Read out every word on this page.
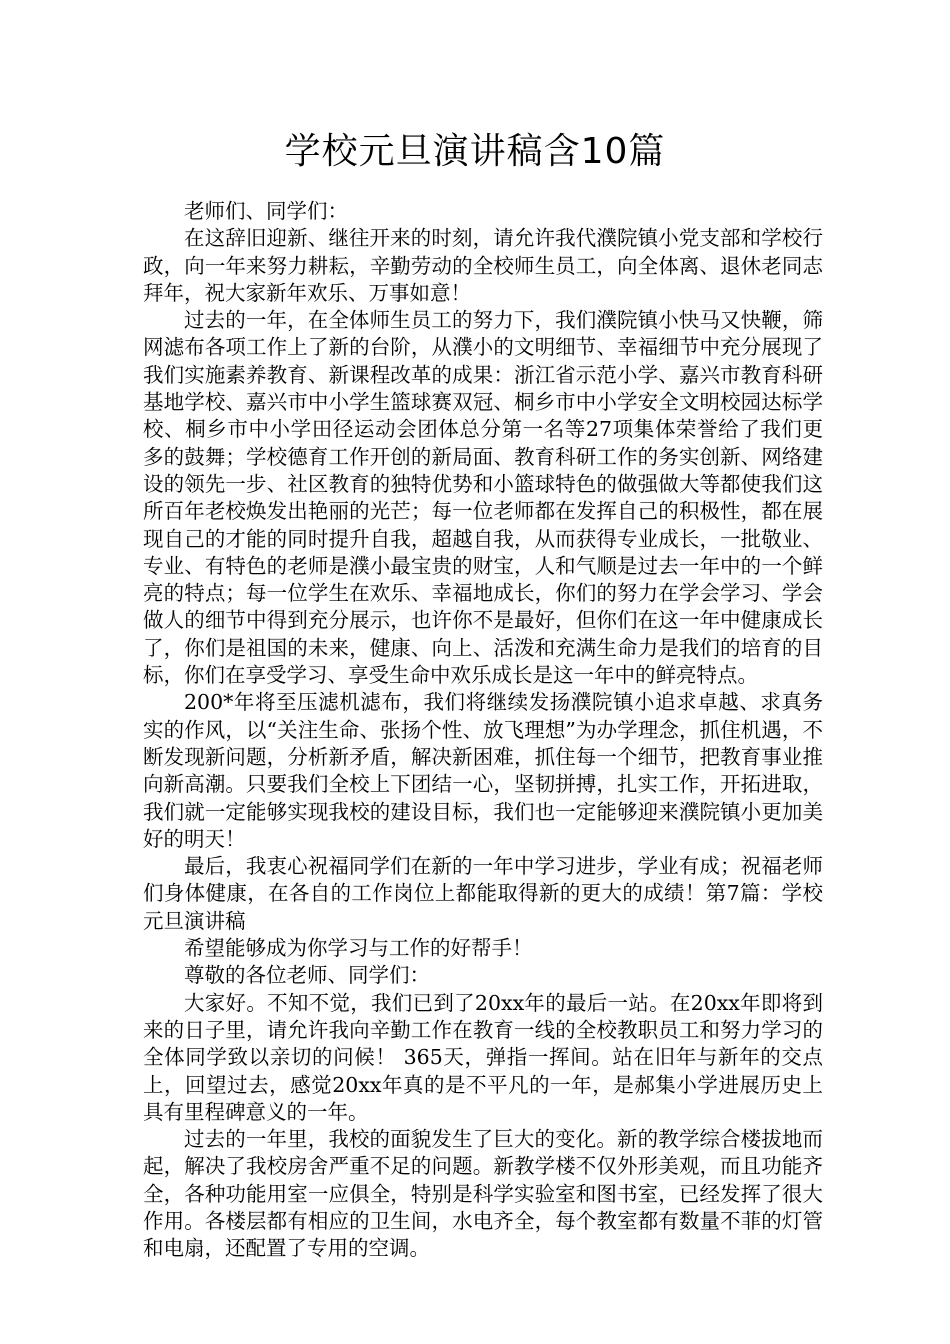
学校元旦演讲稿含10篇

老师们、同学们：

在这辞旧迎新、继往开来的时刻，请允许我代濮院镇小党支部和学校行政，向一年来努力耕耘，辛勤劳动的全校师生员工，向全体离、退休老同志拜年，祝大家新年欢乐、万事如意！

过去的一年，在全体师生员工的努力下，我们濮院镇小快马又快鞭，筛网滤布各项工作上了新的台阶，从濮小的文明细节、幸福细节中充分展现了我们实施素养教育、新课程改革的成果：浙江省示范小学、嘉兴市教育科研基地学校、嘉兴市中小学生篮球赛双冠、桐乡市中小学安全文明校园达标学校、桐乡市中小学田径运动会团体总分第一名等27项集体荣誉给了我们更多的鼓舞；学校德育工作开创的新局面、教育科研工作的务实创新、网络建设的领先一步、社区教育的独特优势和小篮球特色的做强做大等都使我们这所百年老校焕发出艳丽的光芒；每一位老师都在发挥自己的积极性，都在展现自己的才能的同时提升自我，超越自我，从而获得专业成长，一批敬业、专业、有特色的老师是濮小最宝贵的财宝，人和气顺是过去一年中的一个鲜亮的特点；每一位学生在欢乐、幸福地成长，你们的努力在学会学习、学会做人的细节中得到充分展示，也许你不是最好，但你们在这一年中健康成长了，你们是祖国的未来，健康、向上、活泼和充满生命力是我们的培育的目标，你们在享受学习、享受生命中欢乐成长是这一年中的鲜亮特点。

200*年将至压滤机滤布，我们将继续发扬濮院镇小追求卓越、求真务实的作风，以“关注生命、张扬个性、放飞理想”为办学理念，抓住机遇，不断发现新问题，分析新矛盾，解决新困难，抓住每一个细节，把教育事业推向新高潮。只要我们全校上下团结一心，坚韧拼搏，扎实工作，开拓进取，我们就一定能够实现我校的建设目标，我们也一定能够迎来濮院镇小更加美好的明天！

最后，我衷心祝福同学们在新的一年中学习进步，学业有成；祝福老师们身体健康，在各自的工作岗位上都能取得新的更大的成绩！第7篇：学校元旦演讲稿

希望能够成为你学习与工作的好帮手！

尊敬的各位老师、同学们：

大家好。不知不觉，我们已到了20xx年的最后一站。在20xx年即将到来的日子里，请允许我向辛勤工作在教育一线的全校教职员工和努力学习的全体同学致以亲切的问候！ 365天，弹指一挥间。站在旧年与新年的交点上，回望过去，感觉20xx年真的是不平凡的一年，是郝集小学进展历史上具有里程碑意义的一年。

过去的一年里，我校的面貌发生了巨大的变化。新的教学综合楼拔地而起，解决了我校房舍严重不足的问题。新教学楼不仅外形美观，而且功能齐全，各种功能用室一应俱全，特别是科学实验室和图书室，已经发挥了很大作用。各楼层都有相应的卫生间，水电齐全，每个教室都有数量不菲的灯管和电扇，还配置了专用的空调。
